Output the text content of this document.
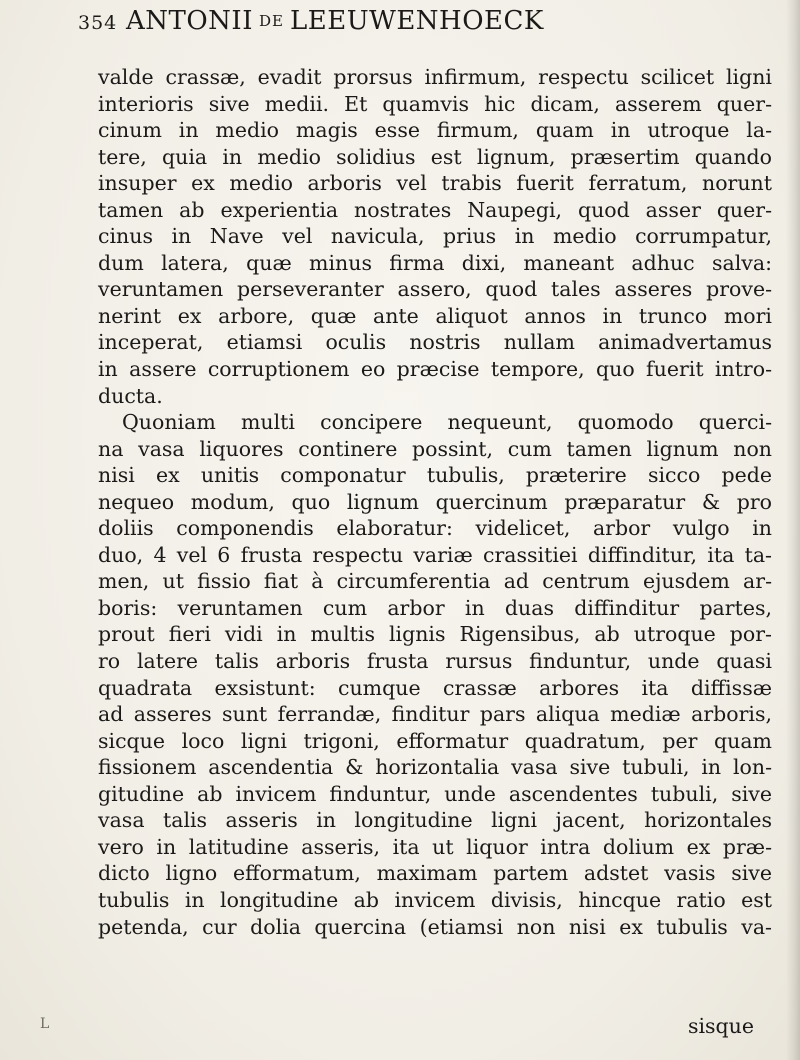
354 ANTONII DE LEEUWENHOECK
valde crassæ, evadit prorsus infirmum, respectu scilicet ligni
interioris sive medii. Et quamvis hic dicam, asserem quer-
cinum in medio magis esse firmum, quam in utroque la-
tere, quia in medio solidius est lignum, præsertim quando
insuper ex medio arboris vel trabis fuerit ferratum, norunt
tamen ab experientia nostrates Naupegi, quod asser quer-
cinus in Nave vel navicula, prius in medio corrumpatur,
dum latera, quæ minus firma dixi, maneant adhuc salva:
veruntamen perseveranter assero, quod tales asseres prove-
nerint ex arbore, quæ ante aliquot annos in trunco mori
inceperat, etiamsi oculis nostris nullam animadvertamus
in assere corruptionem eo præcise tempore, quo fuerit intro-
ducta.
Quoniam multi concipere nequeunt, quomodo querci-
na vasa liquores continere possint, cum tamen lignum non
nisi ex unitis componatur tubulis, præterire sicco pede
nequeo modum, quo lignum quercinum præparatur & pro
doliis componendis elaboratur: videlicet, arbor vulgo in
duo, 4 vel 6 frusta respectu variæ crassitiei diffinditur, ita ta-
men, ut fissio fiat à circumferentia ad centrum ejusdem ar-
boris: veruntamen cum arbor in duas diffinditur partes,
prout fieri vidi in multis lignis Rigensibus, ab utroque por-
ro latere talis arboris frusta rursus finduntur, unde quasi
quadrata exsistunt: cumque crassæ arbores ita diffissæ
ad asseres sunt ferrandæ, finditur pars aliqua mediæ arboris,
sicque loco ligni trigoni, efformatur quadratum, per quam
fissionem ascendentia & horizontalia vasa sive tubuli, in lon-
gitudine ab invicem finduntur, unde ascendentes tubuli, sive
vasa talis asseris in longitudine ligni jacent, horizontales
vero in latitudine asseris, ita ut liquor intra dolium ex præ-
dicto ligno efformatum, maximam partem adstet vasis sive
tubulis in longitudine ab invicem divisis, hincque ratio est
petenda, cur dolia quercina (etiamsi non nisi ex tubulis va-
L	sisque
